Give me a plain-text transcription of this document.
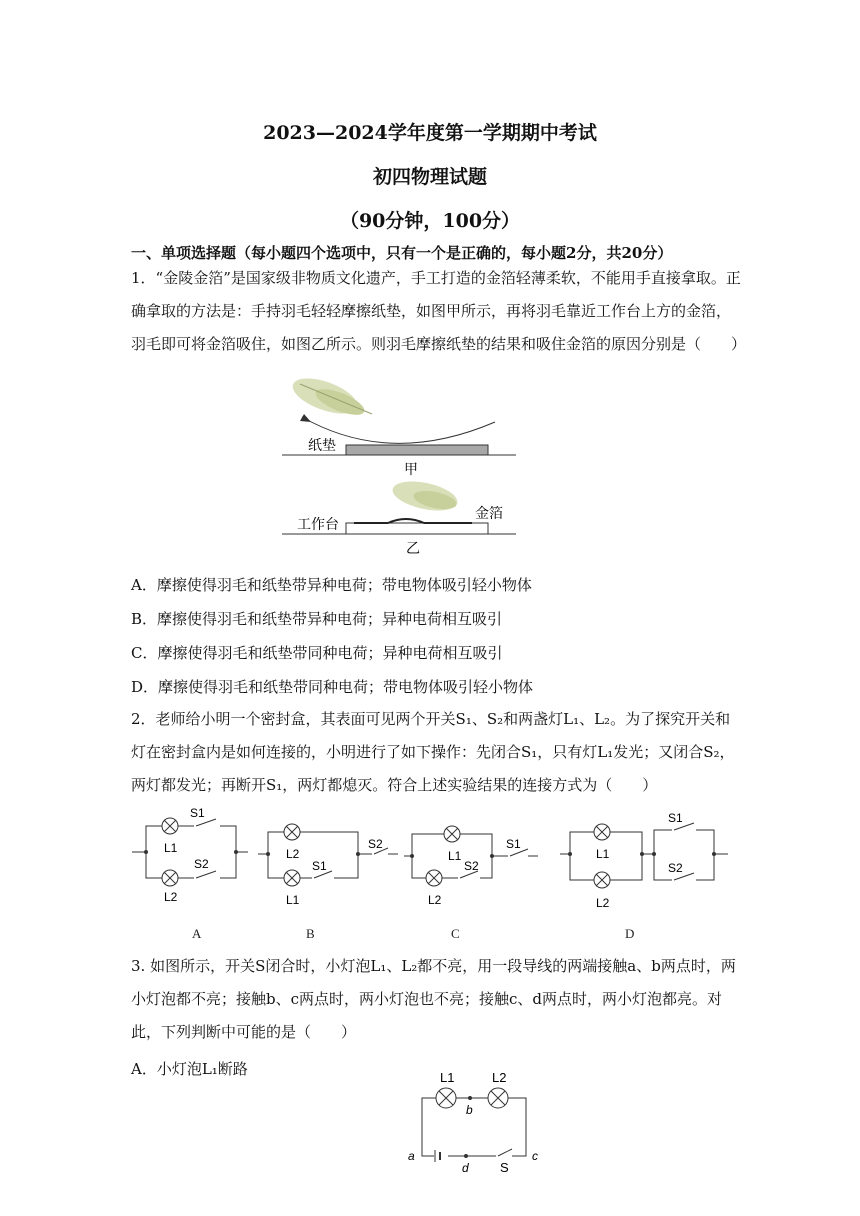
2023—2024学年度第一学期期中考试
初四物理试题
（90分钟，100分）
一、单项选择题（每小题四个选项中，只有一个是正确的，每小题2分，共20分）

1．“金陵金箔”是国家级非物质文化遗产，手工打造的金箔轻薄柔软，不能用手直接拿取。正确拿取的方法是：手持羽毛轻轻摩擦纸垫，如图甲所示，再将羽毛靠近工作台上方的金箔，羽毛即可将金箔吸住，如图乙所示。则羽毛摩擦纸垫的结果和吸住金箔的原因分别是（　　）

纸垫
甲
金箔
工作台
乙
A．摩擦使得羽毛和纸垫带异种电荷；带电物体吸引轻小物体
B．摩擦使得羽毛和纸垫带异种电荷；异种电荷相互吸引
C．摩擦使得羽毛和纸垫带同种电荷；异种电荷相互吸引
D．摩擦使得羽毛和纸垫带同种电荷；带电物体吸引轻小物体

2．老师给小明一个密封盒，其表面可见两个开关S₁、S₂和两盏灯L₁、L₂。为了探究开关和灯在密封盒内是如何连接的，小明进行了如下操作：先闭合S₁，只有灯L₁发光；又闭合S₂，两灯都发光；再断开S₁，两灯都熄灭。符合上述实验结果的连接方式为（　　）

S1
L1
S2
L2
L2
S1
L1
S2
L1
S2
L2
S1
L1
L2
S1
S2
A	B	C	D

3. 如图所示，开关S闭合时，小灯泡L₁、L₂都不亮，用一段导线的两端接触a、b两点时，两小灯泡都不亮；接触b、c两点时，两小灯泡也不亮；接触c、d两点时，两小灯泡都亮。对此，下列判断中可能的是（　　）

A．小灯泡L₁断路	L1	L2
b
a
d S
c
